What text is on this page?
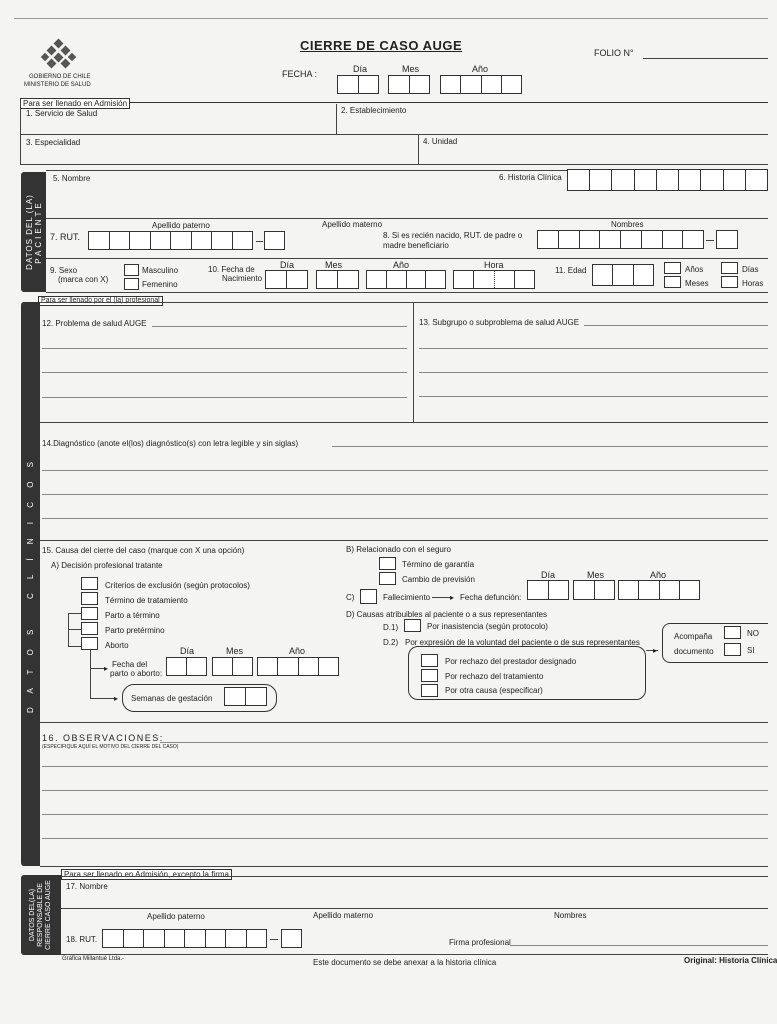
GOBIERNO DE CHILE
MINISTERIO DE SALUD
CIERRE DE CASO AUGE
FECHA :	Día	Mes	Año
FOLIO N°
Para ser llenado en Admisión
1. Servicio de Salud	2. Establecimiento
3. Especialidad	4. Unidad
DATOS DEL (LA) PACIENTE
5. Nombre	6. Historia Clínica
Apellido paterno	Apellido materno	Nombres
7. RUT.	8. Si es recién nacido, RUT. de padre o
madre beneficiario
9. Sexo
(marca con X)
Masculino
Femenino
10. Fecha de
Nacimiento
Día	Mes	Año	Hora
11. Edad	Años
Meses
Días
Horas
Para ser llenado por el (la) profesional
D A T O S   C L Í N I C O S
12. Problema de salud AUGE	13. Subgrupo o subproblema de salud AUGE
14.Diagnóstico (anote el(los) diagnóstico(s) con letra legible y sin siglas)
15. Causa del cierre del caso (marque con X una opción)
A) Decisión profesional tratante
Criterios de exclusión (según protocolos)
Término de tratamiento
Parto a término
Parto pretérmino
Aborto
▸
▸
Fecha del
parto o aborto:
Día	Mes	Año
Semanas de gestación
B) Relacionado con el seguro
Término de garantía
Cambio de previsión
C)	Fallecimiento ▸ Fecha defunción:
Día	Mes	Año
D) Causas atribuibles al paciente o a sus representantes
D.1)	Por inasistencia (según protocolo)
D.2) Por expresión de la voluntad del paciente o de sus representantes
▸
Por rechazo del prestador designado
Por rechazo del tratamiento
Por otra causa (especificar)
Acompaña
documento
NO
SI
16. OBSERVACIONES:
(ESPECIFIQUE AQUÍ EL MOTIVO DEL CIERRE DEL CASO)
Para ser llenado en Admisión, excepto la firma
DATOS DEL(LA) RESPONSABLE DE CIERRE CASO AUGE 17. Nombre
Apellido paterno	Apellido materno	Nombres
18. RUT.	Firma profesional
Gráfica Millantué Ltda.-	Este documento se debe anexar a la historia clínica	Original: Historia Clínica
